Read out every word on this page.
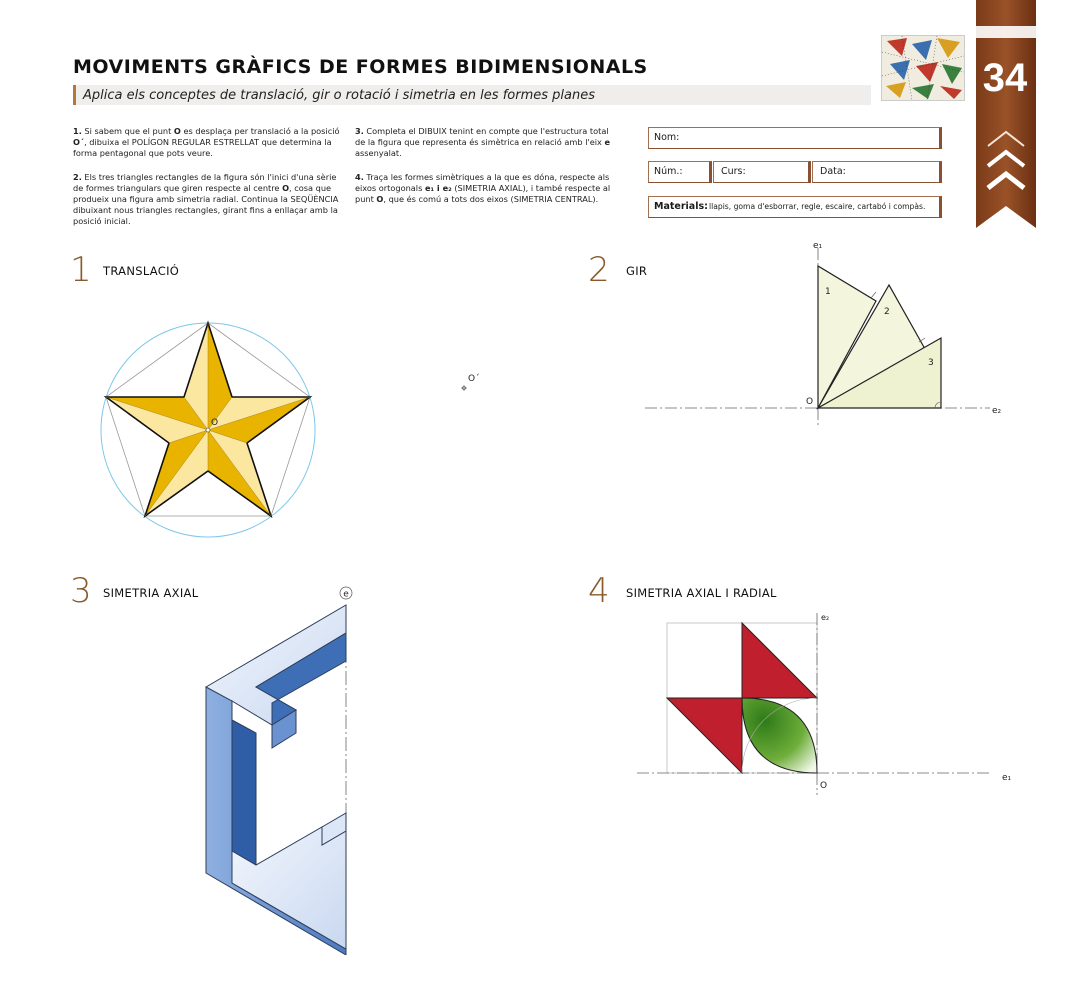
MOVIMENTS GRÀFICS DE FORMES BIDIMENSIONALS
Aplica els conceptes de translació, gir o rotació i simetria en les formes planes	34
1. Si sabem que el punt O es desplaça per translació a la posició O´, dibuixa el POLÍGON REGULAR ESTRELLAT que determina la forma pentagonal que pots veure.
2. Els tres triangles rectangles de la figura són l'inici d'una sèrie de formes triangulars que giren respecte al centre O, cosa que produeix una figura amb simetria radial. Continua la SEQÜÈNCIA dibuixant nous triangles rectangles, girant fins a enllaçar amb la posició inicial.
3. Completa el DIBUIX tenint en compte que l'estructura total de la figura que representa és simètrica en relació amb l'eix e assenyalat.
4. Traça les formes simètriques a la que es dóna, respecte als eixos ortogonals e₁ i e₂ (SIMETRIA AXIAL), i també respecte al punt O, que és comú a tots dos eixos (SIMETRIA CENTRAL).
Nom:
Núm.:	Curs:	Data:
Materials: llapis, goma d'esborrar, regle, escaire, cartabó i compàs.
1 TRANSLACIÓ	2 GIR
3 SIMETRIA AXIAL	4 SIMETRIA AXIAL I RADIAL
O
O´
e₁
e₂
O
1
2
3
e
e₂
e₁
O
